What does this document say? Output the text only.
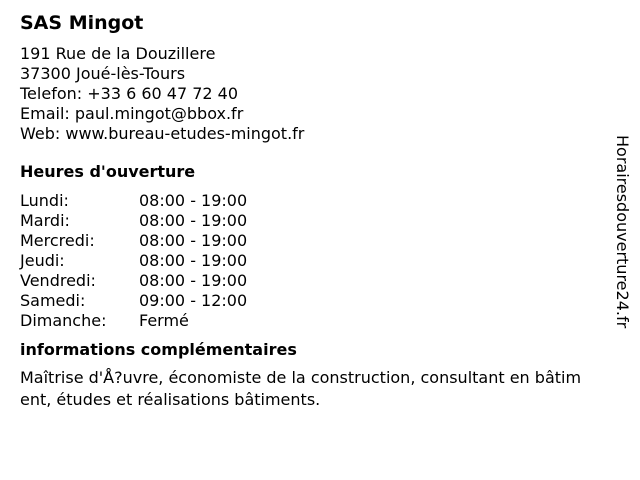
SAS Mingot
191 Rue de la Douzillere
37300 Joué-lès-Tours
Telefon: +33 6 60 47 72 40
Email: paul.mingot@bbox.fr
Web: www.bureau-etudes-mingot.fr
Heures d'ouverture
Lundi:	08:00 - 19:00
Mardi:	08:00 - 19:00
Mercredi:	08:00 - 19:00
Jeudi:	08:00 - 19:00
Vendredi:	08:00 - 19:00
Samedi:	09:00 - 12:00
Dimanche:	Fermé
informations complémentaires
Maîtrise d'Å?uvre, économiste de la construction, consultant en bâtiment, études et réalisations bâtiments.
Horairesdouverture24.fr
